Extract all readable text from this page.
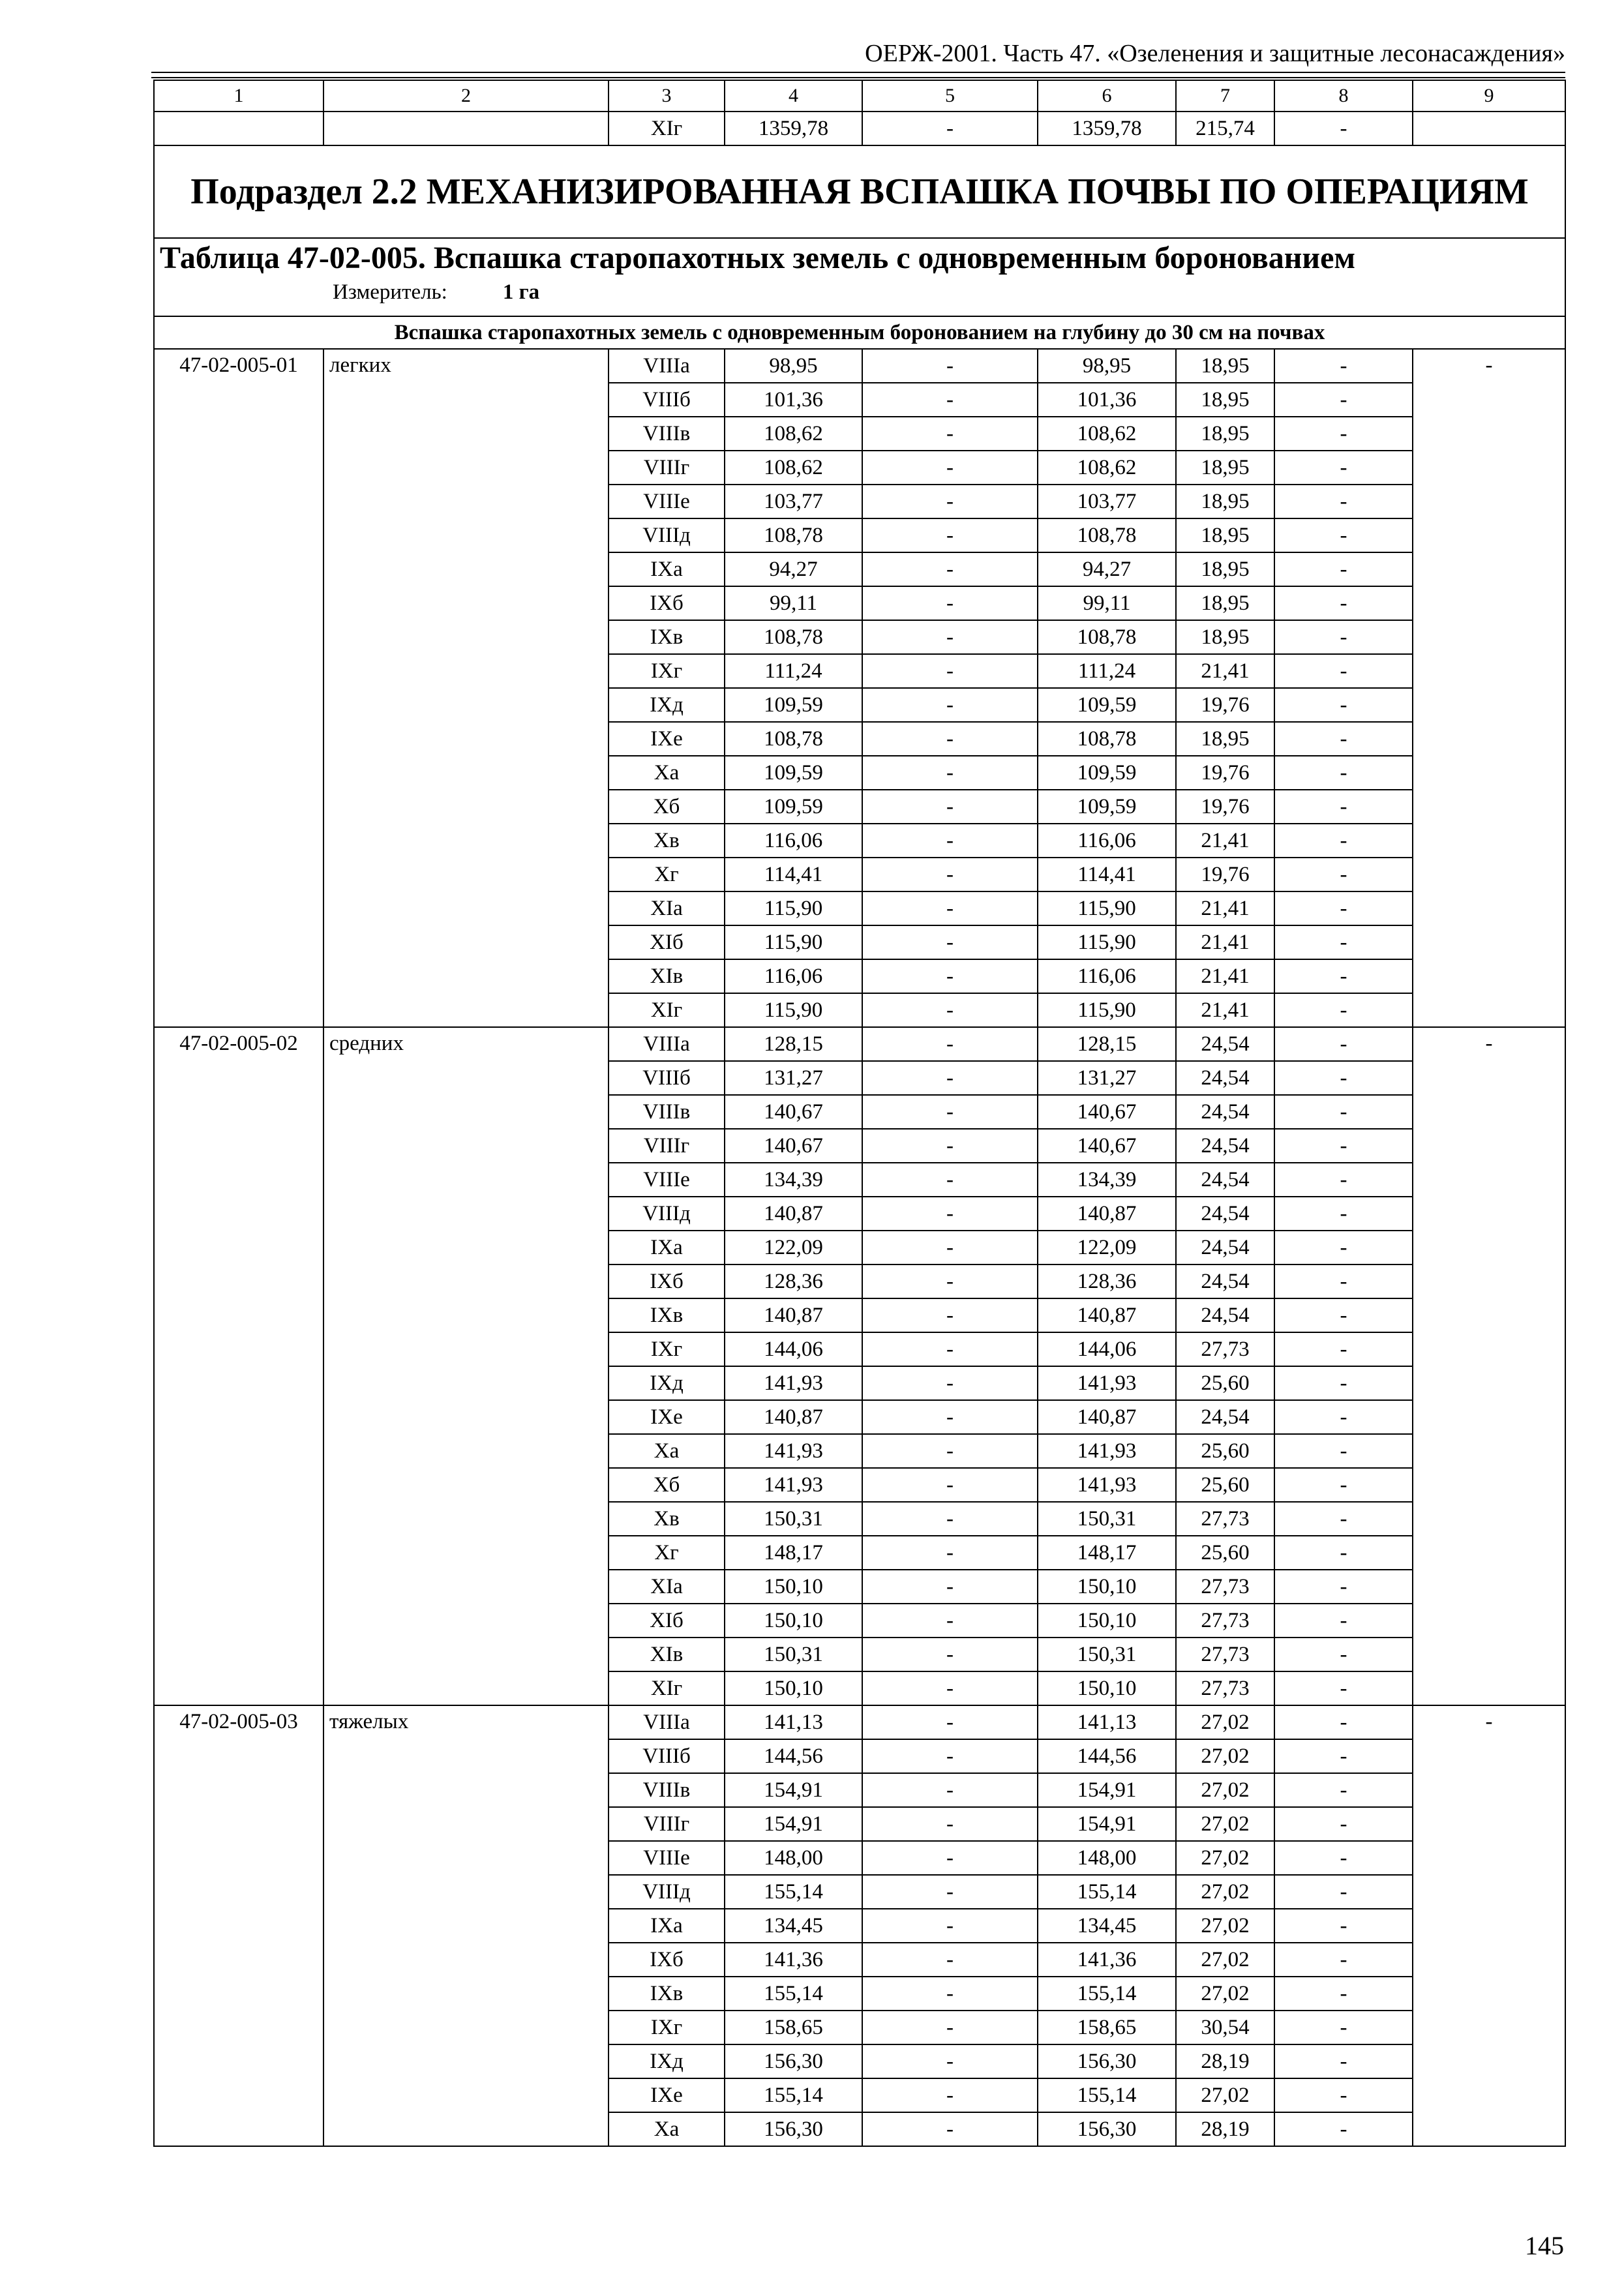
ОЕРЖ-2001. Часть 47. «Озеленения и защитные лесонасаждения»
1	2	3	4	5	6	7	8	9
		XIг	1359,78	-	1359,78	215,74	-	
Подраздел 2.2 МЕХАНИЗИРОВАННАЯ ВСПАШКА ПОЧВЫ ПО ОПЕРАЦИЯМ								

Таблица 47-02-005. Вспашка старопахотных земель с одновременным боронованием
Измеритель: 1 га								

Вспашка старопахотных земель с одновременным боронованием на глубину до 30 см на почвах								
47-02-005-01	легких	VIIIа	98,95	-	98,95	18,95	-	-
		VIIIб	101,36	-	101,36	18,95	-	
		VIIIв	108,62	-	108,62	18,95	-	
		VIIIг	108,62	-	108,62	18,95	-	
		VIIIе	103,77	-	103,77	18,95	-	
		VIIIд	108,78	-	108,78	18,95	-	
		IXа	94,27	-	94,27	18,95	-	
		IXб	99,11	-	99,11	18,95	-	
		IXв	108,78	-	108,78	18,95	-	
		IXг	111,24	-	111,24	21,41	-	
		IXд	109,59	-	109,59	19,76	-	
		IXе	108,78	-	108,78	18,95	-	
		Xа	109,59	-	109,59	19,76	-	
		Xб	109,59	-	109,59	19,76	-	
		Xв	116,06	-	116,06	21,41	-	
		Xг	114,41	-	114,41	19,76	-	
		XIа	115,90	-	115,90	21,41	-	
		XIб	115,90	-	115,90	21,41	-	
		XIв	116,06	-	116,06	21,41	-	
		XIг	115,90	-	115,90	21,41	-	
47-02-005-02	средних	VIIIа	128,15	-	128,15	24,54	-	-
		VIIIб	131,27	-	131,27	24,54	-	
		VIIIв	140,67	-	140,67	24,54	-	
		VIIIг	140,67	-	140,67	24,54	-	
		VIIIе	134,39	-	134,39	24,54	-	
		VIIIд	140,87	-	140,87	24,54	-	
		IXа	122,09	-	122,09	24,54	-	
		IXб	128,36	-	128,36	24,54	-	
		IXв	140,87	-	140,87	24,54	-	
		IXг	144,06	-	144,06	27,73	-	
		IXд	141,93	-	141,93	25,60	-	
		IXе	140,87	-	140,87	24,54	-	
		Xа	141,93	-	141,93	25,60	-	
		Xб	141,93	-	141,93	25,60	-	
		Xв	150,31	-	150,31	27,73	-	
		Xг	148,17	-	148,17	25,60	-	
		XIа	150,10	-	150,10	27,73	-	
		XIб	150,10	-	150,10	27,73	-	
		XIв	150,31	-	150,31	27,73	-	
		XIг	150,10	-	150,10	27,73	-	
47-02-005-03	тяжелых	VIIIа	141,13	-	141,13	27,02	-	-
		VIIIб	144,56	-	144,56	27,02	-	
		VIIIв	154,91	-	154,91	27,02	-	
		VIIIг	154,91	-	154,91	27,02	-	
		VIIIе	148,00	-	148,00	27,02	-	
		VIIIд	155,14	-	155,14	27,02	-	
		IXа	134,45	-	134,45	27,02	-	
		IXб	141,36	-	141,36	27,02	-	
		IXв	155,14	-	155,14	27,02	-	
		IXг	158,65	-	158,65	30,54	-	
		IXд	156,30	-	156,30	28,19	-	
		IXе	155,14	-	155,14	27,02	-	
		Xа	156,30	-	156,30	28,19	-	
145
